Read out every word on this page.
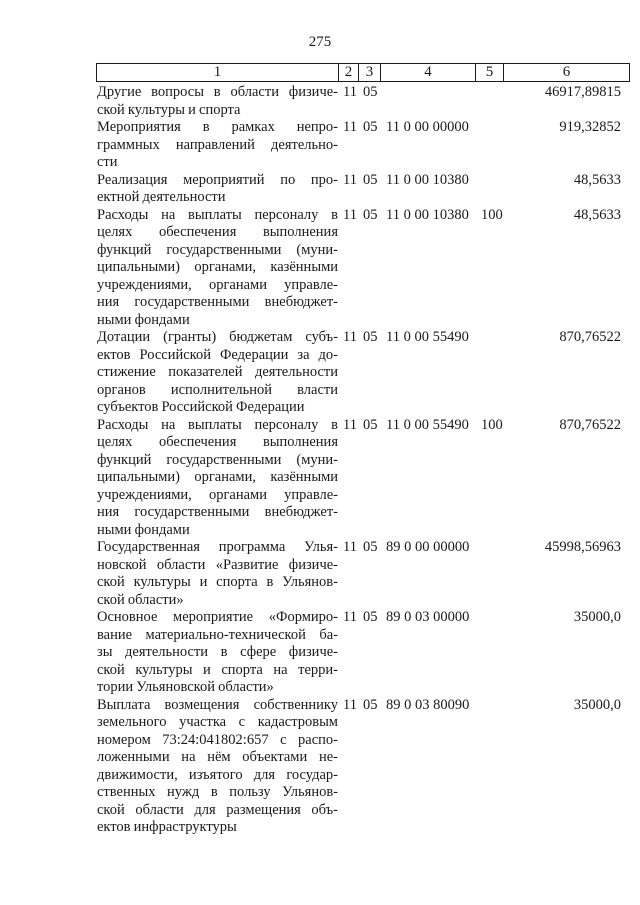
275
1	2 3	4	5	6
Другие вопросы в области физиче-
ской культуры и спорта
11 05	46917,89815
Мероприятия в рамках непро-
граммных направлений деятельно-
сти
11 05 11 0 00 00000	919,32852
Реализация мероприятий по про-
ектной деятельности
11 05 11 0 00 10380	48,5633
Расходы на выплаты персоналу в
целях обеспечения выполнения
функций государственными (муни-
ципальными) органами, казёнными
учреждениями, органами управле-
ния государственными внебюджет-
ными фондами
11 05 11 0 00 10380 100	48,5633
Дотации (гранты) бюджетам субъ-
ектов Российской Федерации за до-
стижение показателей деятельности
органов исполнительной власти
субъектов Российской Федерации
11 05 11 0 00 55490	870,76522
Расходы на выплаты персоналу в
целях обеспечения выполнения
функций государственными (муни-
ципальными) органами, казёнными
учреждениями, органами управле-
ния государственными внебюджет-
ными фондами
11 05 11 0 00 55490 100	870,76522
Государственная программа Улья-
новской области «Развитие физиче-
ской культуры и спорта в Ульянов-
ской области»
11 05 89 0 00 00000	45998,56963
Основное мероприятие «Формиро-
вание материально-технической ба-
зы деятельности в сфере физиче-
ской культуры и спорта на терри-
тории Ульяновской области»
11 05 89 0 03 00000	35000,0
Выплата возмещения собственнику
земельного участка с кадастровым
номером 73:24:041802:657 с распо-
ложенными на нём объектами не-
движимости, изъятого для государ-
ственных нужд в пользу Ульянов-
ской области для размещения объ-
ектов инфраструктуры
11 05 89 0 03 80090	35000,0
